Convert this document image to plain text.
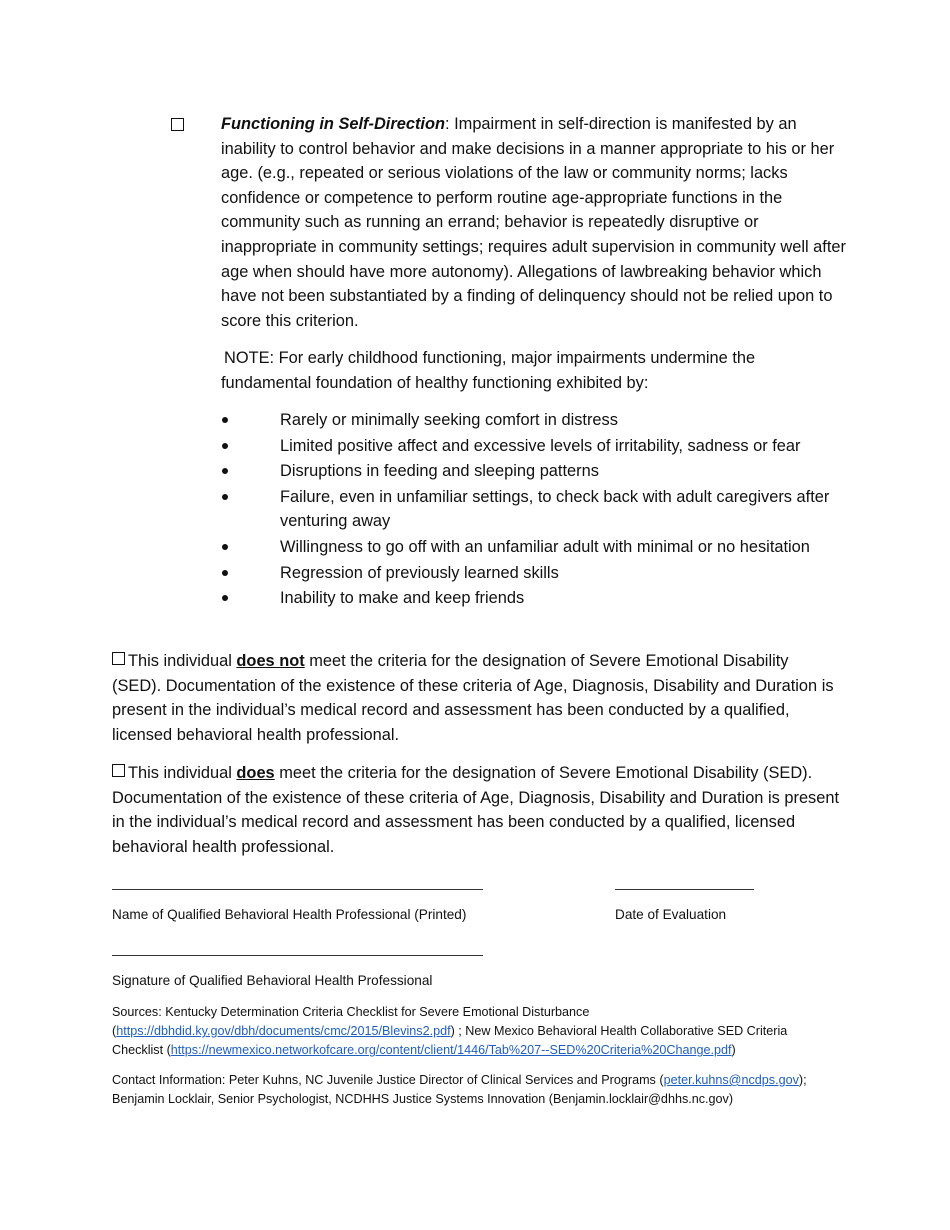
Functioning in Self-Direction: Impairment in self-direction is manifested by an inability to control behavior and make decisions in a manner appropriate to his or her age. (e.g., repeated or serious violations of the law or community norms; lacks confidence or competence to perform routine age-appropriate functions in the community such as running an errand; behavior is repeatedly disruptive or inappropriate in community settings; requires adult supervision in community well after age when should have more autonomy). Allegations of lawbreaking behavior which have not been substantiated by a finding of delinquency should not be relied upon to score this criterion.
NOTE: For early childhood functioning, major impairments undermine the fundamental foundation of healthy functioning exhibited by:
Rarely or minimally seeking comfort in distress
Limited positive affect and excessive levels of irritability, sadness or fear
Disruptions in feeding and sleeping patterns
Failure, even in unfamiliar settings, to check back with adult caregivers after venturing away
Willingness to go off with an unfamiliar adult with minimal or no hesitation
Regression of previously learned skills
Inability to make and keep friends
This individual does not meet the criteria for the designation of Severe Emotional Disability (SED). Documentation of the existence of these criteria of Age, Diagnosis, Disability and Duration is present in the individual’s medical record and assessment has been conducted by a qualified, licensed behavioral health professional.
This individual does meet the criteria for the designation of Severe Emotional Disability (SED). Documentation of the existence of these criteria of Age, Diagnosis, Disability and Duration is present in the individual’s medical record and assessment has been conducted by a qualified, licensed behavioral health professional.
Name of Qualified Behavioral Health Professional (Printed)	Date of Evaluation
Signature of Qualified Behavioral Health Professional
Sources: Kentucky Determination Criteria Checklist for Severe Emotional Disturbance (https://dbhdid.ky.gov/dbh/documents/cmc/2015/Blevins2.pdf) ; New Mexico Behavioral Health Collaborative SED Criteria Checklist (https://newmexico.networkofcare.org/content/client/1446/Tab%207--SED%20Criteria%20Change.pdf)
Contact Information: Peter Kuhns, NC Juvenile Justice Director of Clinical Services and Programs (peter.kuhns@ncdps.gov); Benjamin Locklair, Senior Psychologist, NCDHHS Justice Systems Innovation (Benjamin.locklair@dhhs.nc.gov)
